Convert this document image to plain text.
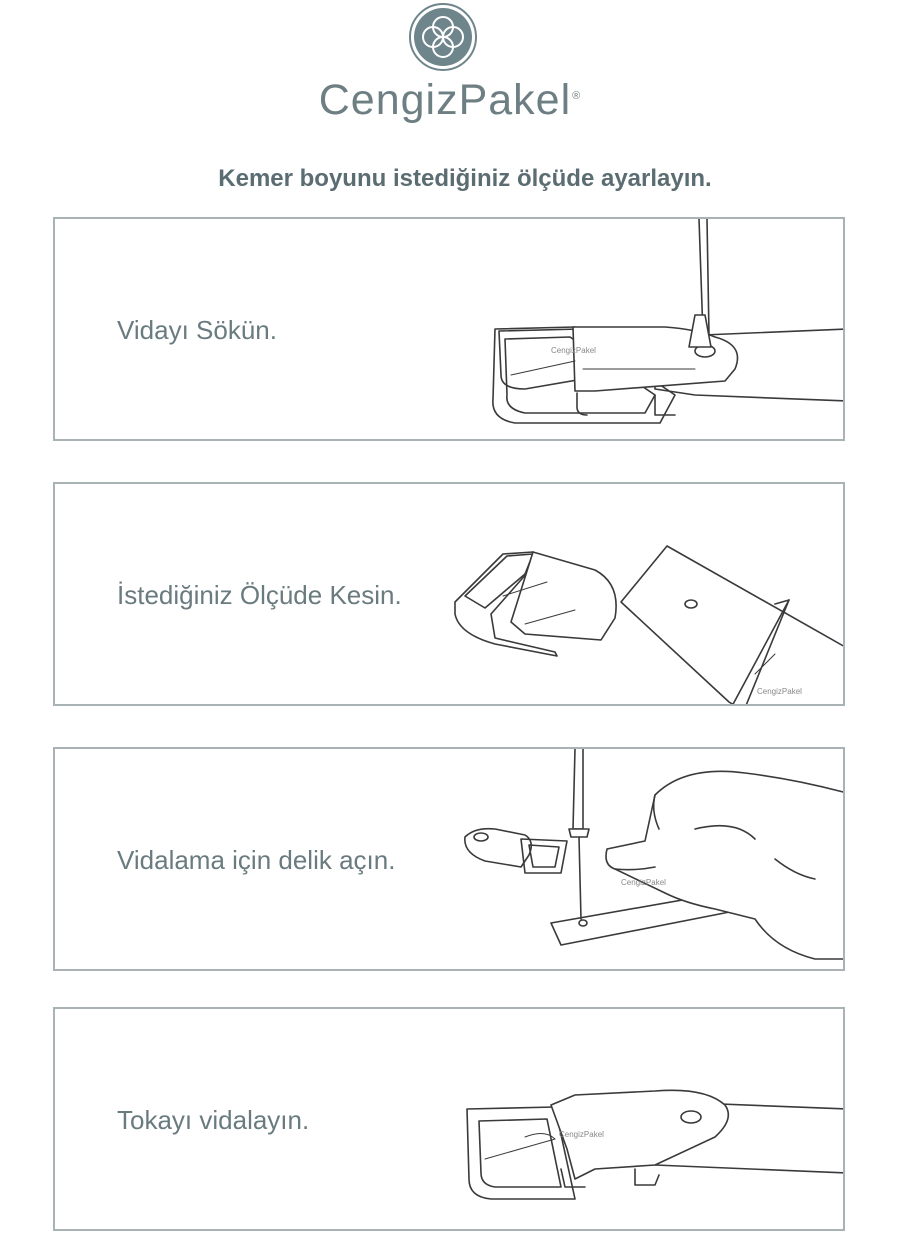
CengizPakel®
Kemer boyunu istediğiniz ölçüde ayarlayın.
Vidayı Sökün.
CengizPakel
İstediğiniz Ölçüde Kesin.
CengizPakel
Vidalama için delik açın.
CengizPakel
Tokayı vidalayın.	CengizPakel
